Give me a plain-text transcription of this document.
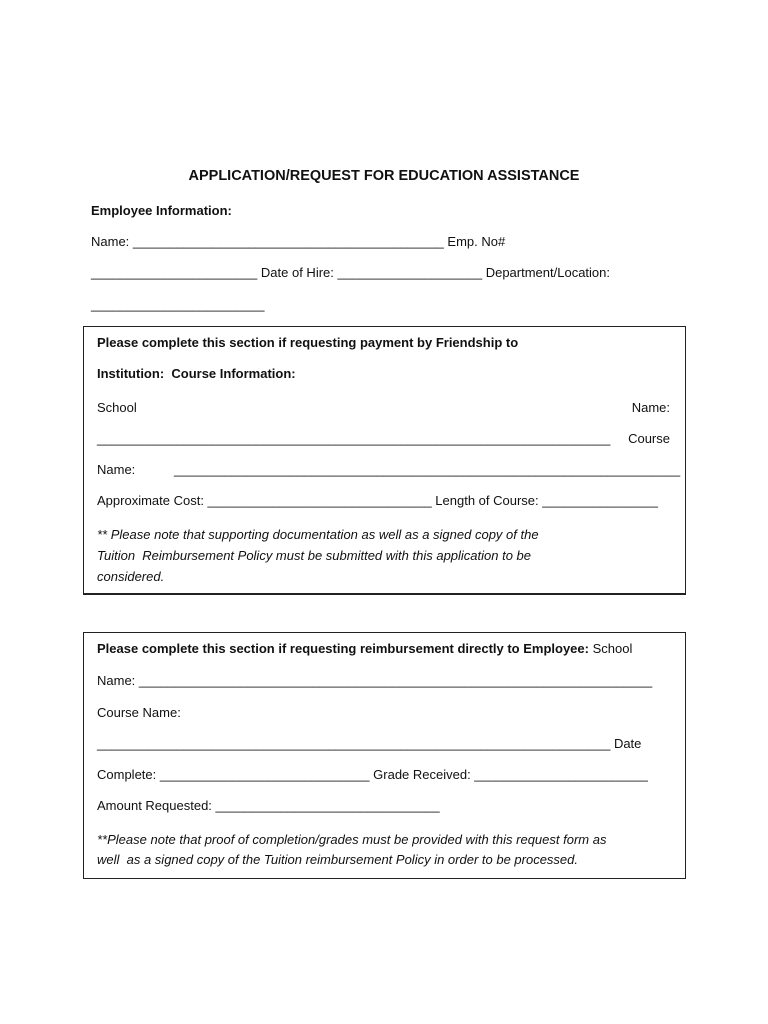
APPLICATION/REQUEST FOR EDUCATION ASSISTANCE
Employee Information:
Name: ___________________________________________ Emp. No#
_______________________ Date of Hire: ____________________ Department/Location:
________________________
Please complete this section if requesting payment by Friendship to
Institution:  Course Information:
School	Name:
_______________________________________________________________________	Course
Name:	______________________________________________________________________
Approximate Cost: _______________________________ Length of Course: ________________
** Please note that supporting documentation as well as a signed copy of the
Tuition  Reimbursement Policy must be submitted with this application to be
considered.
Please complete this section if requesting reimbursement directly to Employee: School
Name: _______________________________________________________________________
Course Name:
_______________________________________________________________________ Date
Complete: _____________________________ Grade Received: ________________________
Amount Requested: _______________________________
**Please note that proof of completion/grades must be provided with this request form as
well  as a signed copy of the Tuition reimbursement Policy in order to be processed.
